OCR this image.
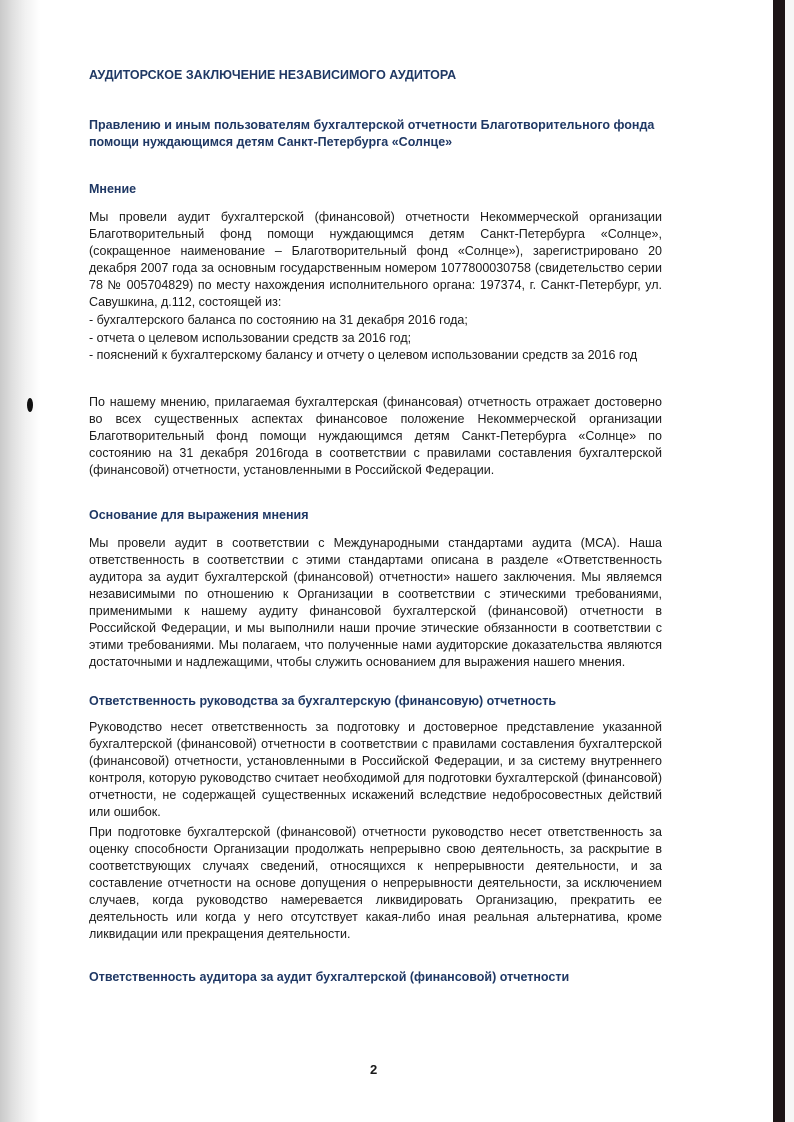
АУДИТОРСКОЕ ЗАКЛЮЧЕНИЕ НЕЗАВИСИМОГО АУДИТОРА
Правлению и иным пользователям бухгалтерской отчетности Благотворительного фонда помощи нуждающимся детям Санкт-Петербурга «Солнце»
Мнение

Мы провели аудит бухгалтерской (финансовой) отчетности Некоммерческой организации Благотворительный фонд помощи нуждающимся детям Санкт-Петербурга «Солнце», (сокращенное наименование – Благотворительный фонд «Солнце»), зарегистрировано 20 декабря 2007 года за основным государственным номером 1077800030758 (свидетельство серии 78 № 005704829) по месту нахождения исполнительного органа: 197374, г. Санкт-Петербург, ул. Савушкина, д.112, состоящей из:

- бухгалтерского баланса по состоянию на 31 декабря 2016 года;
- отчета о целевом использовании средств за 2016 год;
- пояснений к бухгалтерскому балансу и отчету о целевом использовании средств за 2016 год

По нашему мнению, прилагаемая бухгалтерская (финансовая) отчетность отражает достоверно во всех существенных аспектах финансовое положение Некоммерческой организации Благотворительный фонд помощи нуждающимся детям Санкт-Петербурга «Солнце» по состоянию на 31 декабря 2016года в соответствии с правилами составления бухгалтерской (финансовой) отчетности, установленными в Российской Федерации.

Основание для выражения мнения

Мы провели аудит в соответствии с Международными стандартами аудита (МСА). Наша ответственность в соответствии с этими стандартами описана в разделе «Ответственность аудитора за аудит бухгалтерской (финансовой) отчетности» нашего заключения. Мы являемся независимыми по отношению к Организации в соответствии с этическими требованиями, применимыми к нашему аудиту финансовой бухгалтерской (финансовой) отчетности в Российской Федерации, и мы выполнили наши прочие этические обязанности в соответствии с этими требованиями. Мы полагаем, что полученные нами аудиторские доказательства являются достаточными и надлежащими, чтобы служить основанием для выражения нашего мнения.

Ответственность руководства за бухгалтерскую (финансовую) отчетность

Руководство несет ответственность за подготовку и достоверное представление указанной бухгалтерской (финансовой) отчетности в соответствии с правилами составления бухгалтерской (финансовой) отчетности, установленными в Российской Федерации, и за систему внутреннего контроля, которую руководство считает необходимой для подготовки бухгалтерской (финансовой) отчетности, не содержащей существенных искажений вследствие недобросовестных действий или ошибок.

При подготовке бухгалтерской (финансовой) отчетности руководство несет ответственность за оценку способности Организации продолжать непрерывно свою деятельность, за раскрытие в соответствующих случаях сведений, относящихся к непрерывности деятельности, и за составление отчетности на основе допущения о непрерывности деятельности, за исключением случаев, когда руководство намеревается ликвидировать Организацию, прекратить ее деятельность или когда у него отсутствует какая-либо иная реальная альтернатива, кроме ликвидации или прекращения деятельности.

Ответственность аудитора за аудит бухгалтерской (финансовой) отчетности
2
